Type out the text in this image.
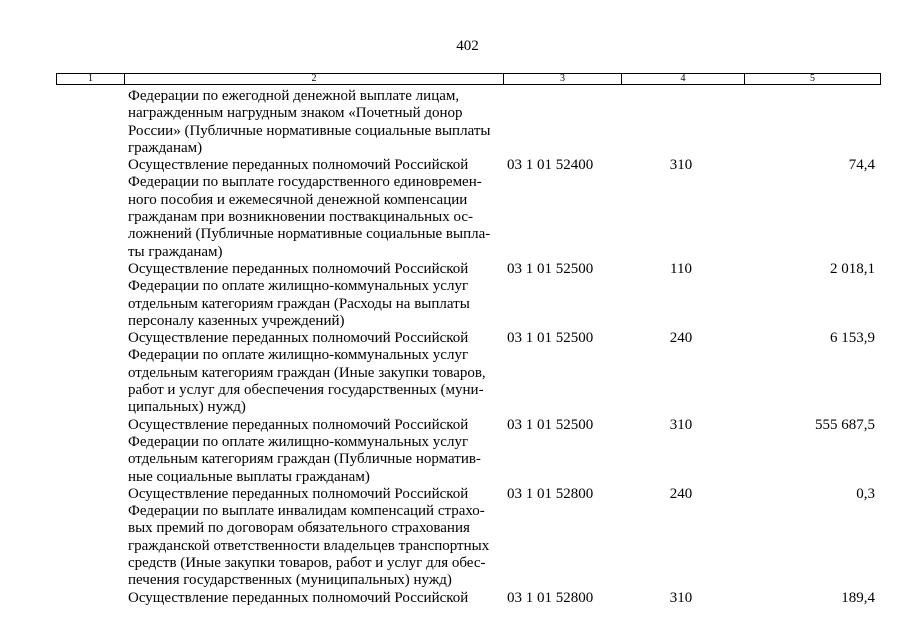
402
1	2	3	4	5
Федерации по ежегодной денежной выплате лицам,
награжденным нагрудным знаком «Почетный донор
России» (Публичные нормативные социальные выплаты
гражданам)
Осуществление переданных полномочий Российской
Федерации по выплате государственного единовремен-
ного пособия и ежемесячной денежной компенсации
гражданам при возникновении поствакцинальных ос-
ложнений (Публичные нормативные социальные выпла-
ты гражданам)
03 1 01 52400	310	74,4
Осуществление переданных полномочий Российской
Федерации по оплате жилищно-коммунальных услуг
отдельным категориям граждан (Расходы на выплаты
персоналу казенных учреждений)
03 1 01 52500	110	2 018,1
Осуществление переданных полномочий Российской
Федерации по оплате жилищно-коммунальных услуг
отдельным категориям граждан (Иные закупки товаров,
работ и услуг для обеспечения государственных (муни-
ципальных) нужд)
03 1 01 52500	240	6 153,9
Осуществление переданных полномочий Российской
Федерации по оплате жилищно-коммунальных услуг
отдельным категориям граждан (Публичные норматив-
ные социальные выплаты гражданам)
03 1 01 52500	310	555 687,5
Осуществление переданных полномочий Российской
Федерации по выплате инвалидам компенсаций страхо-
вых премий по договорам обязательного страхования
гражданской ответственности владельцев транспортных
средств (Иные закупки товаров, работ и услуг для обес-
печения государственных (муниципальных) нужд)
03 1 01 52800	240	0,3
Осуществление переданных полномочий Российской	03 1 01 52800	310	189,4
